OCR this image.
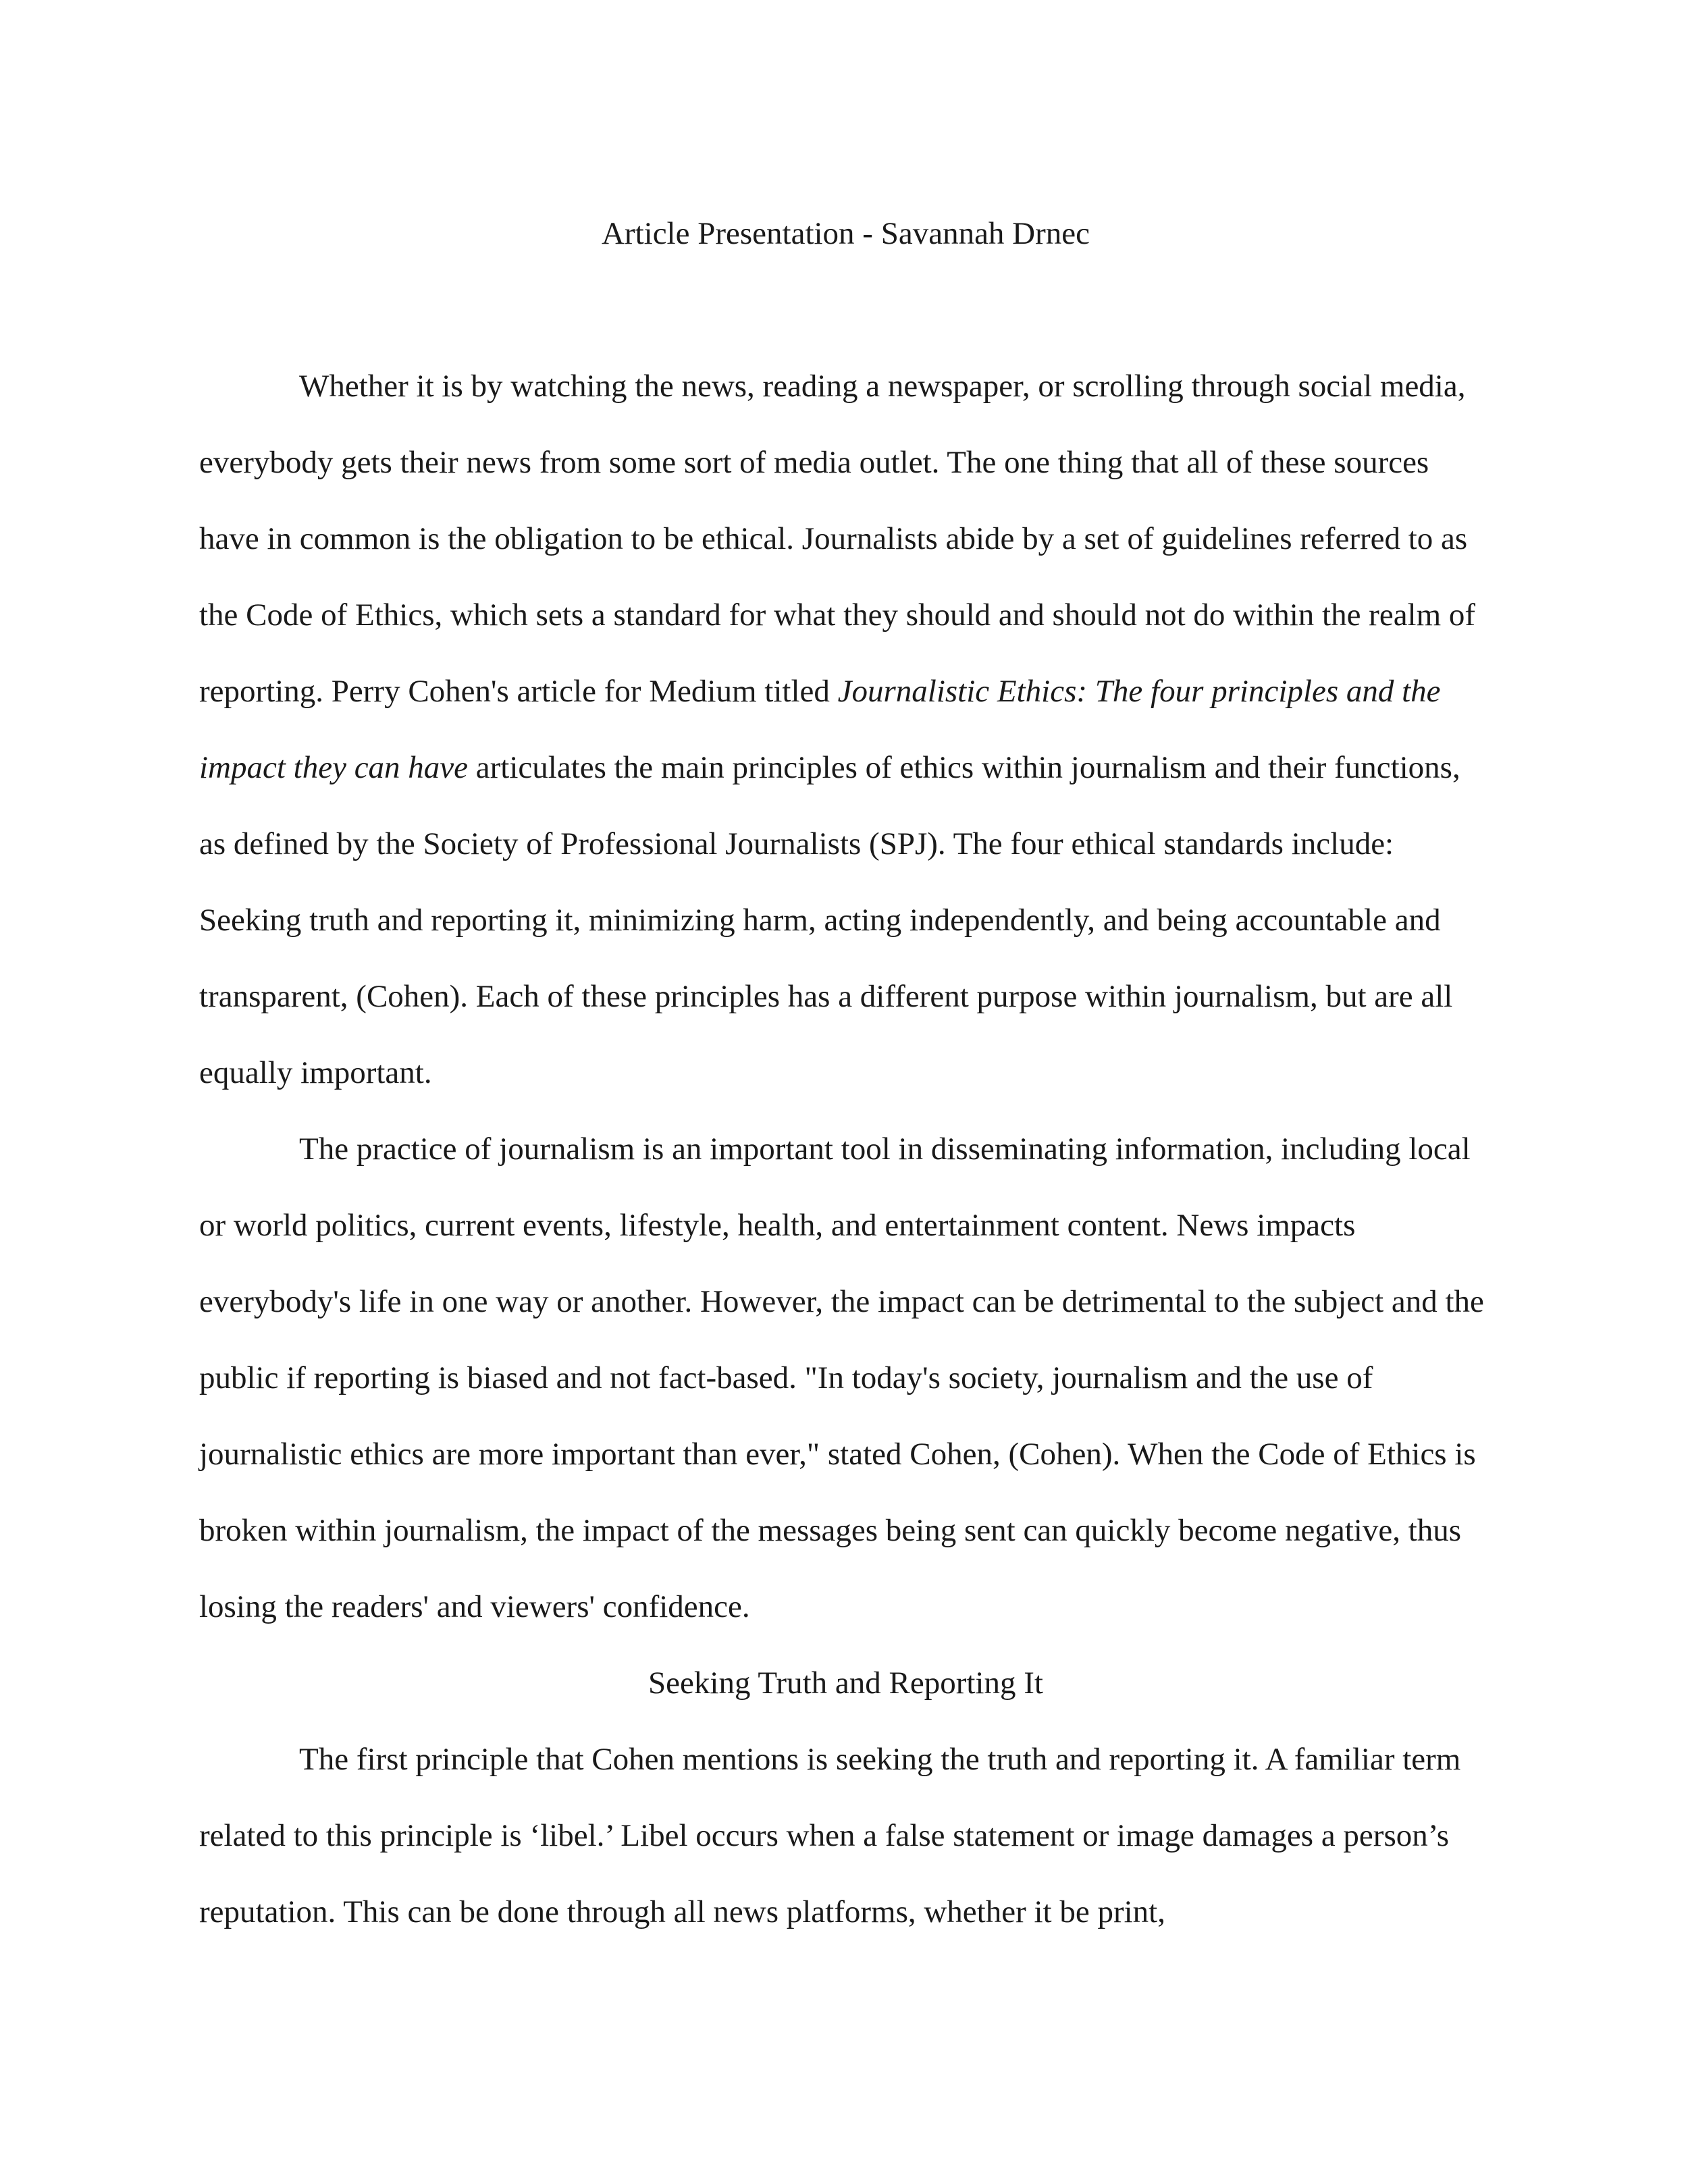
Article Presentation - Savannah Drnec

Whether it is by watching the news, reading a newspaper, or scrolling through social media, everybody gets their news from some sort of media outlet. The one thing that all of these sources have in common is the obligation to be ethical. Journalists abide by a set of guidelines referred to as the Code of Ethics, which sets a standard for what they should and should not do within the realm of reporting. Perry Cohen's article for Medium titled Journalistic Ethics: The four principles and the impact they can have articulates the main principles of ethics within journalism and their functions, as defined by the Society of Professional Journalists (SPJ). The four ethical standards include: Seeking truth and reporting it, minimizing harm, acting independently, and being accountable and transparent, (Cohen). Each of these principles has a different purpose within journalism, but are all equally important.

The practice of journalism is an important tool in disseminating information, including local or world politics, current events, lifestyle, health, and entertainment content. News impacts everybody's life in one way or another. However, the impact can be detrimental to the subject and the public if reporting is biased and not fact-based. "In today's society, journalism and the use of journalistic ethics are more important than ever," stated Cohen, (Cohen). When the Code of Ethics is broken within journalism, the impact of the messages being sent can quickly become negative, thus losing the readers' and viewers' confidence.

Seeking Truth and Reporting It

The first principle that Cohen mentions is seeking the truth and reporting it. A familiar term related to this principle is ‘libel.’ Libel occurs when a false statement or image damages a person’s reputation. This can be done through all news platforms, whether it be print,
